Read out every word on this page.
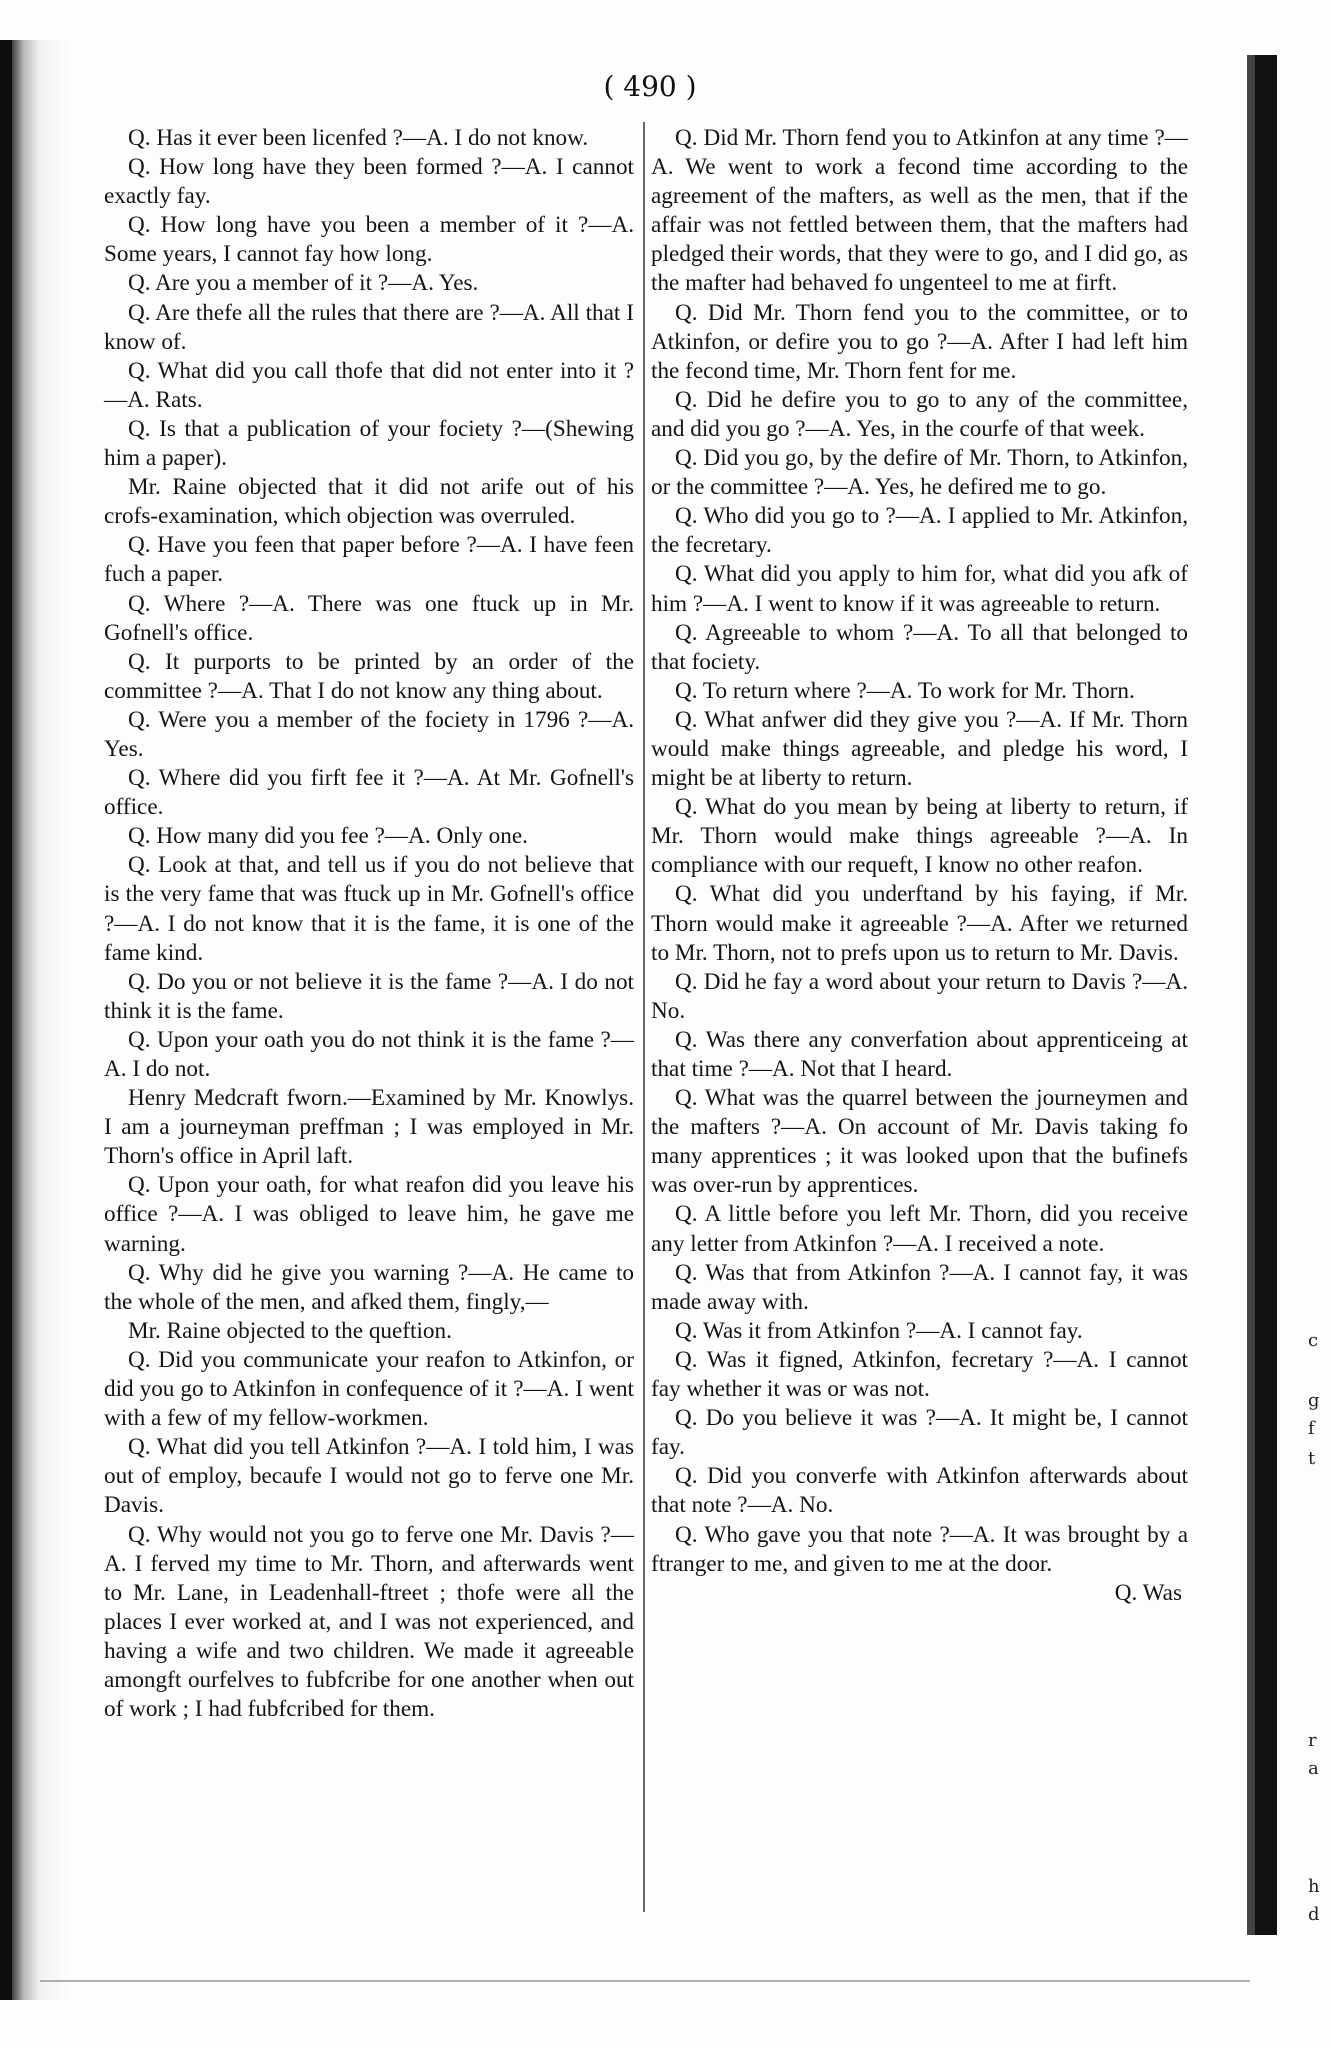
( 490 )

Q. Has it ever been licenfed ?—A. I do not know.

Q. How long have they been formed ?—A. I cannot exactly fay.

Q. How long have you been a member of it ?—A. Some years, I cannot fay how long.

Q. Are you a member of it ?—A. Yes.

Q. Are thefe all the rules that there are ?—A. All that I know of.

Q. What did you call thofe that did not enter into it ?—A. Rats.

Q. Is that a publication of your fociety ?—(Shewing him a paper).

Mr. Raine objected that it did not arife out of his crofs-examination, which objection was overruled.

Q. Have you feen that paper before ?—A. I have feen fuch a paper.

Q. Where ?—A. There was one ftuck up in Mr. Gofnell's office.

Q. It purports to be printed by an order of the committee ?—A. That I do not know any thing about.

Q. Were you a member of the fociety in 1796 ?—A. Yes.

Q. Where did you firft fee it ?—A. At Mr. Gofnell's office.

Q. How many did you fee ?—A. Only one.

Q. Look at that, and tell us if you do not believe that is the very fame that was ftuck up in Mr. Gofnell's office ?—A. I do not know that it is the fame, it is one of the fame kind.

Q. Do you or not believe it is the fame ?—A. I do not think it is the fame.

Q. Upon your oath you do not think it is the fame ?—A. I do not.

Henry Medcraft fworn.—Examined by Mr. Knowlys. I am a journeyman preffman ; I was employed in Mr. Thorn's office in April laft.

Q. Upon your oath, for what reafon did you leave his office ?—A. I was obliged to leave him, he gave me warning.

Q. Why did he give you warning ?—A. He came to the whole of the men, and afked them, fingly,—

Mr. Raine objected to the queftion.

Q. Did you communicate your reafon to Atkinfon, or did you go to Atkinfon in confequence of it ?—A. I went with a few of my fellow-workmen.

Q. What did you tell Atkinfon ?—A. I told him, I was out of employ, becaufe I would not go to ferve one Mr. Davis.

Q. Why would not you go to ferve one Mr. Davis ?—A. I ferved my time to Mr. Thorn, and afterwards went to Mr. Lane, in Leadenhall-ftreet ; thofe were all the places I ever worked at, and I was not experienced, and having a wife and two children. We made it agreeable amongft ourfelves to fubfcribe for one another when out of work ; I had fubfcribed for them.

Q. Did Mr. Thorn fend you to Atkinfon at any time ?—A. We went to work a fecond time according to the agreement of the mafters, as well as the men, that if the affair was not fettled between them, that the mafters had pledged their words, that they were to go, and I did go, as the mafter had behaved fo ungenteel to me at firft.

Q. Did Mr. Thorn fend you to the committee, or to Atkinfon, or defire you to go ?—A. After I had left him the fecond time, Mr. Thorn fent for me.

Q. Did he defire you to go to any of the committee, and did you go ?—A. Yes, in the courfe of that week.

Q. Did you go, by the defire of Mr. Thorn, to Atkinfon, or the committee ?—A. Yes, he defired me to go.

Q. Who did you go to ?—A. I applied to Mr. Atkinfon, the fecretary.

Q. What did you apply to him for, what did you afk of him ?—A. I went to know if it was agreeable to return.

Q. Agreeable to whom ?—A. To all that belonged to that fociety.

Q. To return where ?—A. To work for Mr. Thorn.

Q. What anfwer did they give you ?—A. If Mr. Thorn would make things agreeable, and pledge his word, I might be at liberty to return.

Q. What do you mean by being at liberty to return, if Mr. Thorn would make things agreeable ?—A. In compliance with our requeft, I know no other reafon.

Q. What did you underftand by his faying, if Mr. Thorn would make it agreeable ?—A. After we returned to Mr. Thorn, not to prefs upon us to return to Mr. Davis.

Q. Did he fay a word about your return to Davis ?—A. No.

Q. Was there any converfation about apprenticeing at that time ?—A. Not that I heard.

Q. What was the quarrel between the journeymen and the mafters ?—A. On account of Mr. Davis taking fo many apprentices ; it was looked upon that the bufinefs was over-run by apprentices.

Q. A little before you left Mr. Thorn, did you receive any letter from Atkinfon ?—A. I received a note.

Q. Was that from Atkinfon ?—A. I cannot fay, it was made away with.

Q. Was it from Atkinfon ?—A. I cannot fay.

Q. Was it figned, Atkinfon, fecretary ?—A. I cannot fay whether it was or was not.

Q. Do you believe it was ?—A. It might be, I cannot fay.

Q. Did you converfe with Atkinfon afterwards about that note ?—A. No.

Q. Who gave you that note ?—A. It was brought by a ftranger to me, and given to me at the door.

Q. Was

c
g
f
t
r
a
h
d
